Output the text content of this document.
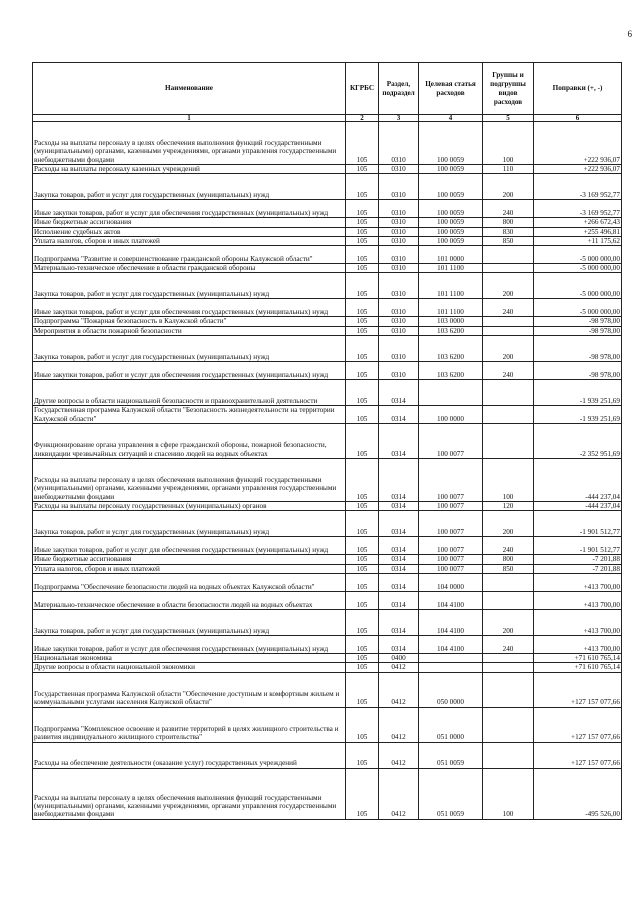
6
Наименование	КГРБС	Раздел, подраздел	Целевая статья расходов	Группы и подгруппы видов расходов	Поправки (+, -)
1	2	3	4	5	6
Расходы на выплаты персоналу в целях обеспечения выполнения функций государственными (муниципальными) органами, казенными учреждениями, органами управления государственными внебюджетными фондами	105	0310	100 0059	100	+222 936,07
Расходы на выплаты персоналу казенных учреждений	105	0310	100 0059	110	+222 936,07
Закупка товаров, работ и услуг для государственных (муниципальных) нужд	105	0310	100 0059	200	-3 169 952,77
Иные закупки товаров, работ и услуг для обеспечения государственных (муниципальных) нужд	105	0310	100 0059	240	-3 169 952,77
Иные бюджетные ассигнования	105	0310	100 0059	800	+266 672,43
Исполнение судебных актов	105	0310	100 0059	830	+255 496,81
Уплата налогов, сборов и иных платежей	105	0310	100 0059	850	+11 175,62
Подпрограмма "Развитие и совершенствование гражданской обороны Калужской области"	105	0310	101 0000		-5 000 000,00
Материально-техническое обеспечение в области гражданской обороны	105	0310	101 1100		-5 000 000,00
Закупка товаров, работ и услуг для государственных (муниципальных) нужд	105	0310	101 1100	200	-5 000 000,00
Иные закупки товаров, работ и услуг для обеспечения государственных (муниципальных) нужд	105	0310	101 1100	240	-5 000 000,00
Подпрограмма "Пожарная безопасность в Калужской области"	105	0310	103 0000		-98 978,00
Мероприятия в области пожарной безопасности	105	0310	103 6200		-98 978,00
Закупка товаров, работ и услуг для государственных (муниципальных) нужд	105	0310	103 6200	200	-98 978,00
Иные закупки товаров, работ и услуг для обеспечения государственных (муниципальных) нужд	105	0310	103 6200	240	-98 978,00
Другие вопросы в области национальной безопасности и правоохранительной деятельности	105	0314			-1 939 251,69
Государственная программа Калужской области "Безопасность жизнедеятельности на территории Калужской области"	105	0314	100 0000		-1 939 251,69
Функционирование органа управления в сфере гражданской обороны, пожарной безопасности, ликвидации чрезвычайных ситуаций и спасению людей на водных объектах	105	0314	100 0077		-2 352 951,69
Расходы на выплаты персоналу в целях обеспечения выполнения функций государственными (муниципальными) органами, казенными учреждениями, органами управления государственными внебюджетными фондами	105	0314	100 0077	100	-444 237,04
Расходы на выплаты персоналу государственных (муниципальных) органов	105	0314	100 0077	120	-444 237,04
Закупка товаров, работ и услуг для государственных (муниципальных) нужд	105	0314	100 0077	200	-1 901 512,77
Иные закупки товаров, работ и услуг для обеспечения государственных (муниципальных) нужд	105	0314	100 0077	240	-1 901 512,77
Иные бюджетные ассигнования	105	0314	100 0077	800	-7 201,88
Уплата налогов, сборов и иных платежей	105	0314	100 0077	850	-7 201,88
Подпрограмма "Обеспечение безопасности людей на водных объектах Калужской области"	105	0314	104 0000		+413 700,00
Материально-техническое обеспечение в области безопасности людей на водных объектах	105	0314	104 4100		+413 700,00
Закупка товаров, работ и услуг для государственных (муниципальных) нужд	105	0314	104 4100	200	+413 700,00
Иные закупки товаров, работ и услуг для обеспечения государственных (муниципальных) нужд	105	0314	104 4100	240	+413 700,00
Национальная экономика	105	0400			+71 610 765,14
Другие вопросы в области национальной экономики	105	0412			+71 610 765,14
Государственная программа Калужской области "Обеспечение доступным и комфортным жильем и коммунальными услугами населения Калужской области"	105	0412	050 0000		+127 157 077,66
Подпрограмма "Комплексное освоение и развитие территорий в целях жилищного строительства и развития индивидуального жилищного строительства"	105	0412	051 0000		+127 157 077,66
Расходы на обеспечение деятельности (оказание услуг) государственных учреждений	105	0412	051 0059		+127 157 077,66
Расходы на выплаты персоналу в целях обеспечения выполнения функций государственными (муниципальными) органами, казенными учреждениями, органами управления государственными внебюджетными фондами	105	0412	051 0059	100	-495 526,00
